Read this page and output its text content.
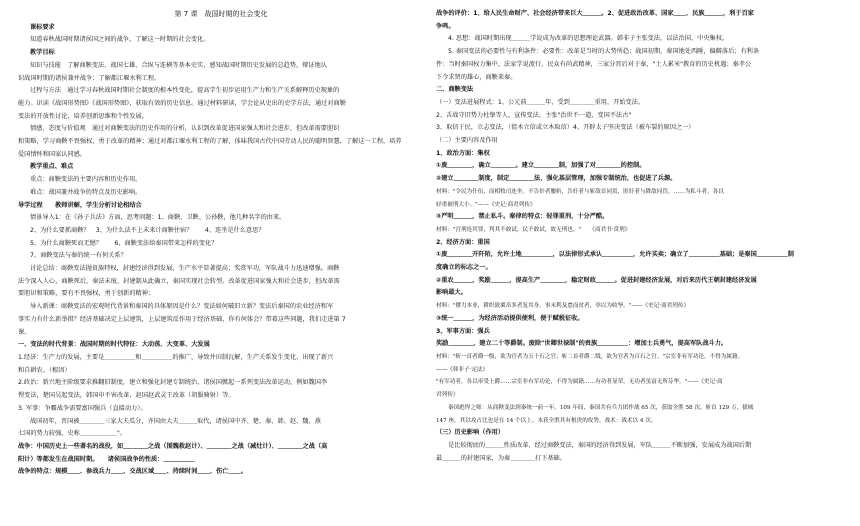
第 7 课　战国时期的社会变化

课标要求

知道春秋战国时期诸侯国之间的战争，了解这一时期的社会变化。

教学目标

知识与技能　了解商鞅变法、战国七雄、合纵与连横等基本史实，感知战国时期历史发展的总趋势，辩证地认

识战国时期的诸侯兼并战争；了解都江堰水利工程。

过程与方法　通过学习春秋战国时期社会制度的根本性变化，提高学生初步运用生产力和生产关系解释历史现象的

能力。识读《战国形势图》《战国形势图》，获取有效的历史信息。通过材料研读，学会论从史出的史学方法，通过对商鞅

变法的开放性讨论，培养创新思维和个性发展。

情感、态度与价值观　通过对商鞅变法的历史作用的分析，认识到改革促进国家强大和社会进步，但改革需要胆识

和策略，学习商鞅不畏强权、勇于改革的精神；通过对都江堰水利工程的了解，体味我国古代中国劳动人民的聪明智慧，了解这一工程，培养

爱国情怀和国家认同感。

教学重点、难点

重点：商鞅变法的主要内容和历史作用。

难点：战国兼并战争的特点及历史影响。

导学过程　　教师讲解，学生分析讨论相结合

情景导入1：在《孙子兵法》方面，思考问题：1、商鞅、卫鞅、公孙鞅，他几种名字的由来。

2、为什么要抓商鞅？　3、为什么法不上未来计商鞅住宿？　　4、连坐是什么意思？

5、为什么商鞅死而无憾？　　6、商鞅变法给秦国带来怎样的变化？

7、商鞅变法与秦的统一有何关系？

讨论总结：商鞅变法抛贵族特权，封建经济得到发展，生产水平显著提高；奖赏军功，军队战斗力迅速增强。商鞅

法令深入人心，商鞅死后，秦法未废，封建制从此确立，秦国实现社会转型。改革促进国家强大和社会进步，但改革需

要胆识和策略，要有不畏强权，勇于创新的精神；

导入新课：商鞅变法的宏观时代背景和秦国的具体原因是什么？变法如何破旧立新？变法后秦国的农业经济和军

事实力有什么新举措？经济基础决定上层建筑，上层建筑反作用于经济基础，你有何体会？带着这些问题，我们走进第 7

课。

一、变法的时代背景：战国时期的时代特征：大动荡、大变革、大发展

1.经济：生产力的发展，主要是＿＿＿＿＿和＿＿＿＿＿的推广，导致井田制瓦解，生产关系发生变化，出现了新兴

和自耕农。（根因）

2.政治：新兴地主阶级要求推翻旧制度，建立和强化封建专制统治，诸侯国掀起一系列变法改革运动，例如魏国李

悝变法，楚国吴起变法，韩国申不害改革，赵国赵武灵王改革（胡服骑射）等。

3. 军事：争霸战争需要富国强兵（直接动力）。

战国初年，晋国被＿＿＿＿三家大夫瓜分，齐国由大夫＿＿＿取代，诸侯国中齐、楚、秦、韩、赵、魏、燕

七国的势力较强，史称＿＿＿＿＿＿"。

战争：中国历史上一些著名的战役，如＿＿＿＿之战（围魏救赵计）、＿＿＿＿之战（减灶计）、＿＿＿＿之战（高

阳计）等都发生在战国时期。　　诸侯国战争的性质：＿＿＿＿＿

战争的特点：规模＿＿、参战兵力＿＿、交战区域＿＿、持续时间＿＿、伤亡＿＿。

战争的评价：1、给人民生命财产、社会经济带来巨大＿＿＿。2、促进政治改革、国家＿＿、民族＿＿＿，利于百家

争鸣。

4. 思想：战国时期出现＿＿＿学说成为改革的思想理论武器。韩非子主张变法，以法治国、中央集权。

5. 秦国变法的必要性与有利条件：必要性：改革是当时的大势所趋；战国初期，秦国地处西陲，偏僻落后；有利条

件：当时秦国权力集中，法家学说流行，民众有尚武精神，三家分晋后对于秦，"士人累米"教育的历史机遇；秦孝公

下令求贤的雄心，商鞅来秦。

二、商鞅变法

（一）变法进展程式：1、公元前＿＿＿年，受到＿＿＿＿重用，开始变法。

2、舌战守旧势力杜挚等人，宣传变法。主张"治世不一道，变国不法古"

3、取信于民，立志变法，（徙木立信或立木取信）4、开辟太子坚决变法（被车裂的原因之一）

（二）主要内容及作用

1、政治方面：集权

①废＿＿＿＿，确立＿＿＿＿。建立＿＿＿＿制，加强了对＿＿＿＿的控制。

②建立＿＿＿＿制度，制定＿＿＿＿法，强化基层管理，加强专制统治，也促进了兵源。

材料："令民为什伍，而相牧司连坐。不告奸者腰斩，告奸者与斩敌首同赏，匿奸者与降敌同罚。……为私斗者，各以

轻重被刑大小。"——《史记·商君列传》

③严明＿＿＿，禁止私斗。秦律的特点：轻罪重刑，十分严酷。

材料："宫刑连其罪，判其不敢试，民不敢试，故无刑也。"　　《商君书·赏刑》

2、经济方面：重国

①废＿＿＿＿开阡陌，允许土地＿＿＿＿＿，以法律形式承认＿＿＿＿＿，允许买卖；确立了＿＿＿＿＿基础；是秦国＿＿＿＿＿制

度确立的标志之一。

②重农＿＿＿，奖励＿＿＿，提高生产＿＿＿＿，稳定财政＿＿＿。促进封建经济发展，对后来历代王朝封建经济发展

影响最大。

材料："僇力本业，耕织致粟帛多者复其身。事末利及怠而贫者，举以为收孥。"——《史记·商君列传》

③统一＿＿＿，为经济活动提供便利，便于赋税征收。

3、军事方面：强兵

奖励＿＿＿＿，建立二十等爵制。废除"世卿世禄制"的贵族＿＿＿＿＿：增加士兵勇气，提高军队战斗力。

材料："斩一首者爵一级，欲为官者为五十石之官；斩二首者爵二级，欲为官者为百石之官。"宗室非有军功论，不得为属籍。

——《韩非子·定法》

"有军功者，各以率受上爵……宗室非有军功论，不得为属籍……有功者显荣，无功者虽富无所芬华。"——《史记·商

君列传》

秦国彪悍之师：从商鞅变法到秦统一前一年，109 年间，秦国共有兵力团作战 65 次，获取全胜 58 次，斩首 129 万，拔城

147 座，其以攻占比也是在 14 个以上。本获全胜其有根贵的攻势，战术：战术以 4 次。

（三）历史影响（作用）

是比较彻底的＿＿＿性质改革，经过商鞅变法，秦国的经济得到发展，军队＿＿＿不断加强，发展成为战国后期

最＿＿＿的封建国家，为秦＿＿＿＿打下基础。
